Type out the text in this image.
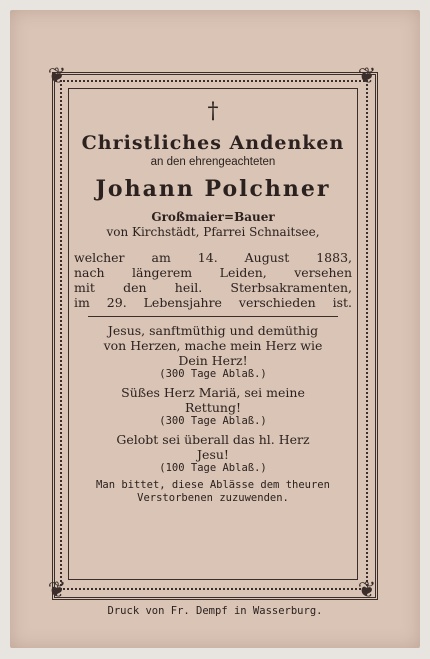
❦	❦
❦	❦
†
Christliches Andenken
an den ehrengeachteten
Johann Polchner
Großmaier=Bauer
von Kirchstädt, Pfarrei Schnaitsee,
welcher am 14. August 1883,
nach längerem Leiden, versehen
mit den heil. Sterbsakramenten,
im 29. Lebensjahre verschieden ist.
Jesus, sanftmüthig und demüthig
von Herzen, mache mein Herz wie
Dein Herz!
(300 Tage Ablaß.)
Süßes Herz Mariä, sei meine
Rettung!
(300 Tage Ablaß.)
Gelobt sei überall das hl. Herz
Jesu!
(100 Tage Ablaß.)
Man bittet, diese Ablässe dem theuren
Verstorbenen zuzuwenden.
Druck von Fr. Dempf in Wasserburg.
